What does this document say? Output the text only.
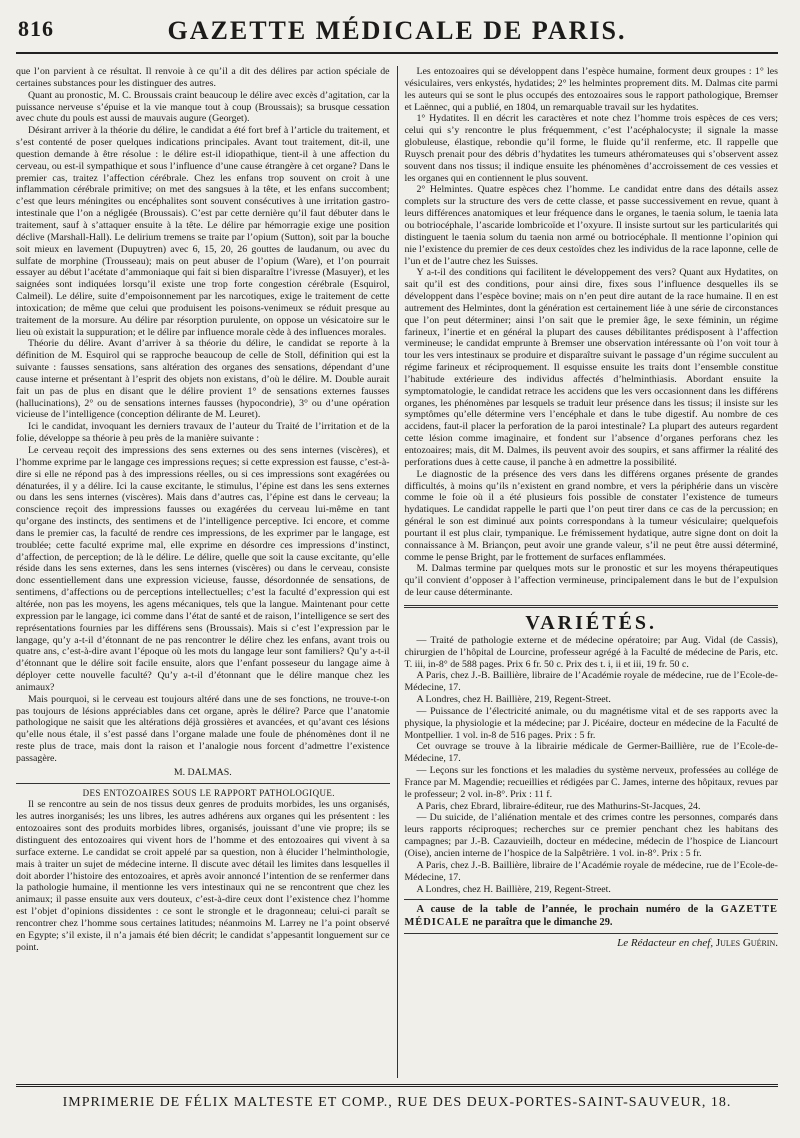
816	GAZETTE MÉDICALE DE PARIS.

que l’on parvient à ce résultat. Il renvoie à ce qu’il a dit des délires par action spéciale de certaines substances pour les distinguer des autres.

Quant au pronostic, M. C. Broussais craint beaucoup le délire avec excès d’agitation, car la puissance nerveuse s’épuise et la vie manque tout à coup (Broussais); sa brusque cessation avec chute du pouls est aussi de mauvais augure (Georget).

Désirant arriver à la théorie du délire, le candidat a été fort bref à l’article du traitement, et s’est contenté de poser quelques indications principales. Avant tout traitement, dit-il, une question demande à être résolue : le délire est-il idiopathique, tient-il à une affection du cerveau, ou est-il sympathique et sous l’influence d’une cause étrangère à cet organe? Dans le premier cas, traitez l’affection cérébrale. Chez les enfans trop souvent on croit à une inflammation cérébrale primitive; on met des sangsues à la tête, et les enfans succombent; c’est que leurs méningites ou encéphalites sont souvent consécutives à une irritation gastro-intestinale que l’on a négligée (Broussais). C’est par cette dernière qu’il faut débuter dans le traitement, sauf à s’attaquer ensuite à la tête. Le délire par hémorragie exige une position déclive (Marshall-Hall). Le delirium tremens se traite par l’opium (Sutton), soit par la bouche soit mieux en lavement (Dupuytren) avec 6, 15, 20, 26 gouttes de laudanum, ou avec du sulfate de morphine (Trousseau); mais on peut abuser de l’opium (Ware), et l’on pourrait essayer au début l’acétate d’ammoniaque qui fait si bien disparaître l’ivresse (Masuyer), et les saignées sont indiquées lorsqu’il existe une trop forte congestion cérébrale (Esquirol, Calmeil). Le délire, suite d’empoisonnement par les narcotiques, exige le traitement de cette intoxication; de même que celui que produisent les poisons-venimeux se réduit presque au traitement de la morsure. Au délire par résorption purulente, on oppose un vésicatoire sur le lieu où existait la suppuration; et le délire par influence morale cède à des influences morales.

Théorie du délire. Avant d’arriver à sa théorie du délire, le candidat se reporte à la définition de M. Esquirol qui se rapproche beaucoup de celle de Stoll, définition qui est la suivante : fausses sensations, sans altération des organes des sensations, dépendant d’une cause interne et présentant à l’esprit des objets non existans, d’où le délire. M. Double aurait fait un pas de plus en disant que le délire provient 1° de sensations externes fausses (hallucinations), 2° ou de sensations internes fausses (hypocondrie), 3° ou d’une opération vicieuse de l’intelligence (conception délirante de M. Leuret).

Ici le candidat, invoquant les derniers travaux de l’auteur du Traité de l’irritation et de la folie, développe sa théorie à peu près de la manière suivante :

Le cerveau reçoit des impressions des sens externes ou des sens internes (viscères), et l’homme exprime par le langage ces impressions reçues; si cette expression est fausse, c’est-à-dire si elle ne répond pas à des impressions réelles, ou si ces impressions sont exagérées ou dénaturées, il y a délire. Ici la cause excitante, le stimulus, l’épine est dans les sens externes ou dans les sens internes (viscères). Mais dans d’autres cas, l’épine est dans le cerveau; la conscience reçoit des impressions fausses ou exagérées du cerveau lui-même en tant qu’organe des instincts, des sentimens et de l’intelligence perceptive. Ici encore, et comme dans le premier cas, la faculté de rendre ces impressions, de les exprimer par le langage, est troublée; cette faculté exprime mal, elle exprime en désordre ces impressions d’instinct, d’affection, de perception; de là le délire. Le délire, quelle que soit la cause excitante, qu’elle réside dans les sens externes, dans les sens internes (viscères) ou dans le cerveau, consiste donc essentiellement dans une expression vicieuse, fausse, désordonnée de sensations, de sentimens, d’affections ou de perceptions intellectuelles; c’est la faculté d’expression qui est altérée, non pas les moyens, les agens mécaniques, tels que la langue. Maintenant pour cette expression par le langage, ici comme dans l’état de santé et de raison, l’intelligence se sert des représentations fournies par les différens sens (Broussais). Mais si c’est l’expression par le langage, qu’y a-t-il d’étonnant de ne pas rencontrer le délire chez les enfans, avant trois ou quatre ans, c’est-à-dire avant l’époque où les mots du langage leur sont familiers? Qu’y a-t-il d’étonnant que le délire soit facile ensuite, alors que l’enfant posseseur du langage aime à déployer cette nouvelle faculté? Qu’y a-t-il d’étonnant que le délire manque chez les animaux?

Mais pourquoi, si le cerveau est toujours altéré dans une de ses fonctions, ne trouve-t-on pas toujours de lésions appréciables dans cet organe, après le délire? Parce que l’anatomie pathologique ne saisit que les altérations déjà grossières et avancées, et qu’avant ces lésions qu’elle nous étale, il s’est passé dans l’organe malade une foule de phénomènes dont il ne reste plus de trace, mais dont la raison et l’analogie nous forcent d’admettre l’existence passagère.

M. DALMAS.

DES ENTOZOAIRES SOUS LE RAPPORT PATHOLOGIQUE.

Il se rencontre au sein de nos tissus deux genres de produits morbides, les uns organisés, les autres inorganisés; les uns libres, les autres adhérens aux organes qui les présentent : les entozoaires sont des produits morbides libres, organisés, jouissant d’une vie propre; ils se distinguent des entozoaires qui vivent hors de l’homme et des entozoaires qui vivent à sa surface externe. Le candidat se croit appelé par sa question, non à élucider l’helminthologie, mais à traiter un sujet de médecine interne. Il discute avec détail les limites dans lesquelles il doit aborder l’histoire des entozoaires, et après avoir annoncé l’intention de se renfermer dans la pathologie humaine, il mentionne les vers intestinaux qui ne se rencontrent que chez les animaux; il passe ensuite aux vers douteux, c’est-à-dire ceux dont l’existence chez l’homme est l’objet d’opinions dissidentes : ce sont le strongle et le dragonneau; celui-ci paraît se rencontrer chez l’homme sous certaines latitudes; néanmoins M. Larrey ne l’a point observé en Egypte; s’il existe, il n’a jamais été bien décrit; le candidat s’appesantit longuement sur ce point.

Les entozoaires qui se développent dans l’espèce humaine, forment deux groupes : 1° les vésiculaires, vers enkystés, hydatides; 2° les helmintes proprement dits. M. Dalmas cite parmi les auteurs qui se sont le plus occupés des entozoaires sous le rapport pathologique, Bremser et Laënnec, qui a publié, en 1804, un remarquable travail sur les hydatites.

1° Hydatites. Il en décrit les caractères et note chez l’homme trois espèces de ces vers; celui qui s’y rencontre le plus fréquemment, c’est l’acéphalocyste; il signale la masse globuleuse, élastique, rebondie qu’il forme, le fluide qu’il renferme, etc. Il rappelle que Ruysch prenait pour des débris d’hydatites les tumeurs athéromateuses qui s’observent assez souvent dans nos tissus; il indique ensuite les phénomènes d’accroissement de ces vessies et les organes qui en contiennent le plus souvent.

2° Helmintes. Quatre espèces chez l’homme. Le candidat entre dans des détails assez complets sur la structure des vers de cette classe, et passe successivement en revue, quant à leurs différences anatomiques et leur fréquence dans le organes, le taenia solum, le taenia lata ou botriocéphale, l’ascaride lombricoïde et l’oxyure. Il insiste surtout sur les particularités qui distinguent le taenia solum du taenia non armé ou botriocéphale. Il mentionne l’opinion qui nie l’existence du premier de ces deux cestoïdes chez les individus de la race laponne, celle de l’un et de l’autre chez les Suisses.

Y a-t-il des conditions qui facilitent le développement des vers? Quant aux Hydatites, on sait qu’il est des conditions, pour ainsi dire, fixes sous l’influence desquelles ils se développent dans l’espèce bovine; mais on n’en peut dire autant de la race humaine. Il en est autrement des Helmintes, dont la génération est certainement liée à une série de circonstances que l’on peut déterminer; ainsi l’on sait que le premier âge, le sexe féminin, un régime farineux, l’inertie et en général la plupart des causes débilitantes prédisposent à l’affection vermineuse; le candidat emprunte à Bremser une observation intéressante où l’on voit tour à tour les vers intestinaux se produire et disparaître suivant le passage d’un régime succulent au régime farineux et réciproquement. Il esquisse ensuite les traits dont l’ensemble constitue l’habitude extérieure des individus affectés d’helminthiasis. Abordant ensuite la symptomatologie, le candidat retrace les accidens que les vers occasionnent dans les différens organes, les phénomènes par lesquels se traduit leur présence dans les tissus; il insiste sur les symptômes qu’elle détermine vers l’encéphale et dans le tube digestif. Au nombre de ces accidens, faut-il placer la perforation de la paroi intestinale? La plupart des auteurs regardent cette lésion comme imaginaire, et fondent sur l’absence d’organes perforans chez les entozoaires; mais, dit M. Dalmes, ils peuvent avoir des soupirs, et sans affirmer la réalité des perforations dues à cette cause, il panche à en admettre la possibilité.

Le diagnostic de la présence des vers dans les différens organes présente de grandes difficultés, à moins qu’ils n’existent en grand nombre, et vers la périphérie dans un viscère comme le foie où il a été plusieurs fois possible de constater l’existence de tumeurs hydatiques. Le candidat rappelle le parti que l’on peut tirer dans ce cas de la percussion; en général le son est diminué aux points correspondans à la tumeur vésiculaire; quelquefois pourtant il est plus clair, tympanique. Le frémissement hydatique, autre signe dont on doit la connaissance à M. Briançon, peut avoir une grande valeur, s’il ne peut être aussi déterminé, comme le pense Bright, par le frottement de surfaces enflammées.

M. Dalmas termine par quelques mots sur le pronostic et sur les moyens thérapeutiques qu’il convient d’opposer à l’affection vermineuse, principalement dans le but de l’expulsion de leur cause déterminante.

VARIÉTÉS.

— Traité de pathologie externe et de médecine opératoire; par Aug. Vidal (de Cassis), chirurgien de l’hôpital de Lourcine, professeur agrégé à la Faculté de médecine de Paris, etc. T. iii, in-8° de 588 pages. Prix 6 fr. 50 c. Prix des t. i, ii et iii, 19 fr. 50 c.

A Paris, chez J.-B. Baillière, libraire de l’Académie royale de médecine, rue de l’Ecole-de-Médecine, 17.

A Londres, chez H. Baillière, 219, Regent-Street.

— Puissance de l’électricité animale, ou du magnétisme vital et de ses rapports avec la physique, la physiologie et la médecine; par J. Picéaire, docteur en médecine de la Faculté de Montpellier. 1 vol. in-8 de 516 pages. Prix : 5 fr.

Cet ouvrage se trouve à la librairie médicale de Germer-Baillière, rue de l’Ecole-de-Médecine, 17.

— Leçons sur les fonctions et les maladies du système nerveux, professées au collége de France par M. Magendie; recueillies et rédigées par C. James, interne des hôpitaux, revues par le professeur; 2 vol. in-8°. Prix : 11 f.

A Paris, chez Ebrard, libraire-éditeur, rue des Mathurins-St-Jacques, 24.

— Du suicide, de l’aliénation mentale et des crimes contre les personnes, comparés dans leurs rapports réciproques; recherches sur ce premier penchant chez les habitans des campagnes; par J.-B. Cazauvieilh, docteur en médecine, médecin de l’hospice de Liancourt (Oise), ancien interne de l’hospice de la Salpêtrière. 1 vol. in-8°. Prix : 5 fr.

A Paris, chez J.-B. Baillière, libraire de l’Académie royale de médecine, rue de l’Ecole-de-Médecine, 17.

A Londres, chez H. Baillière, 219, Regent-Street.

A cause de la table de l’année, le prochain numéro de la GAZETTE MÉDICALE ne paraîtra que le dimanche 29.

Le Rédacteur en chef, Jules Guérin.
IMPRIMERIE DE FÉLIX MALTESTE ET COMP., RUE DES DEUX-PORTES-SAINT-SAUVEUR, 18.
